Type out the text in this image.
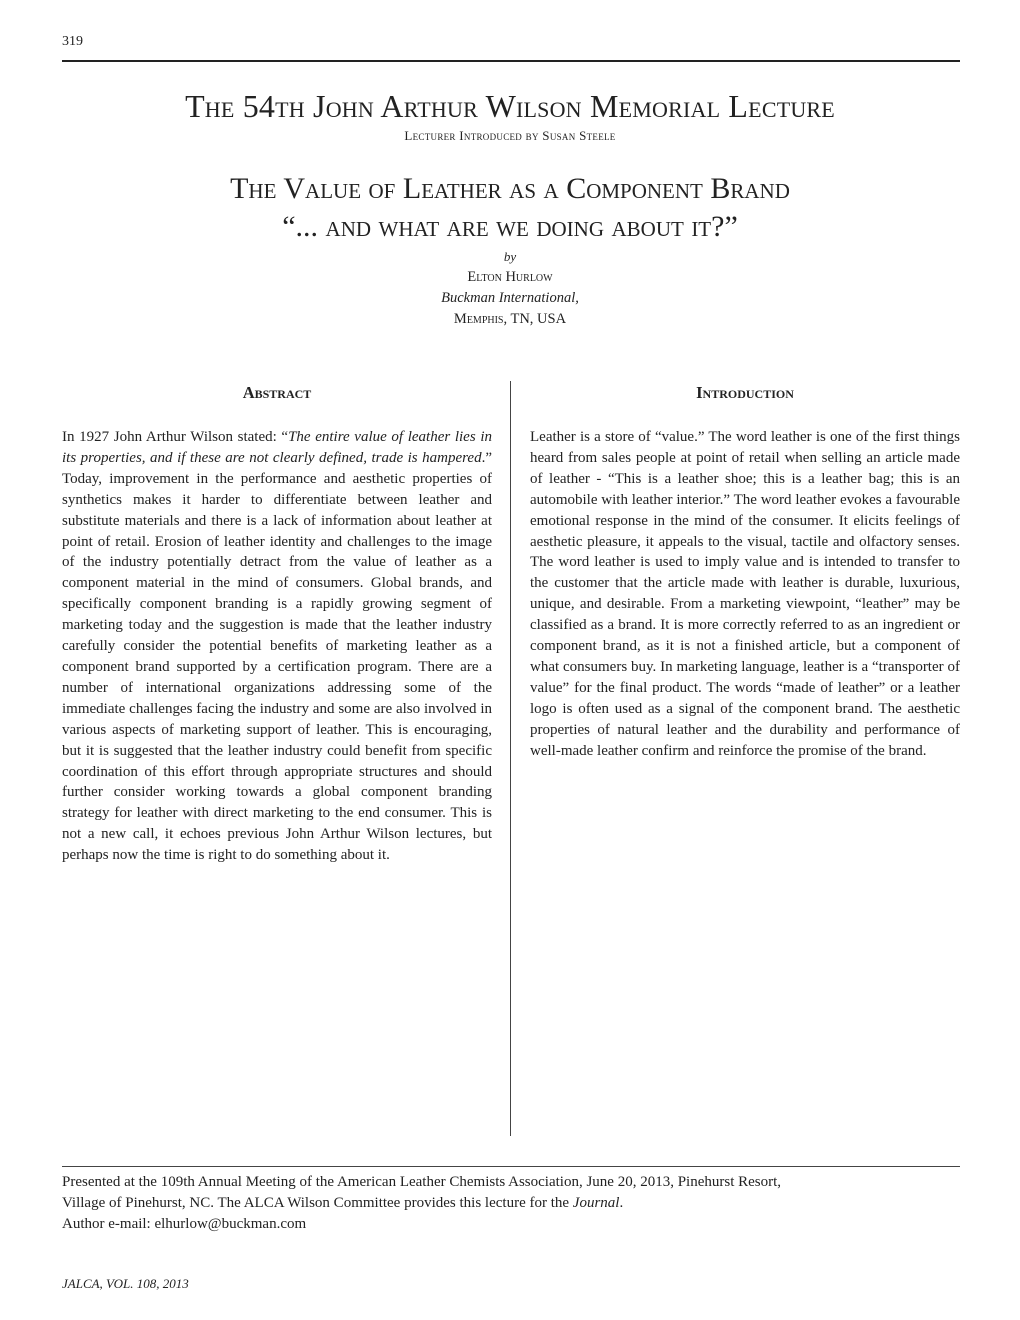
319
The 54th John Arthur Wilson Memorial Lecture
Lecturer Introduced by Susan Steele
The Value of Leather as a Component Brand
“... and what are we doing about it?”
by
Elton Hurlow
Buckman International,
Memphis, TN, USA
Abstract	Introduction
In 1927 John Arthur Wilson stated: “The entire value of leather lies in its properties, and if these are not clearly defined, trade is hampered.” Today, improvement in the performance and aesthetic properties of synthetics makes it harder to differentiate between leather and substitute materials and there is a lack of information about leather at point of retail. Erosion of leather identity and challenges to the image of the industry potentially detract from the value of leather as a component material in the mind of consumers. Global brands, and specifically component branding is a rapidly growing segment of marketing today and the suggestion is made that the leather industry carefully consider the potential benefits of marketing leather as a component brand supported by a certification program. There are a number of international organizations addressing some of the immediate challenges facing the industry and some are also involved in various aspects of marketing support of leather. This is encouraging, but it is suggested that the leather industry could benefit from specific coordination of this effort through appropriate structures and should further consider working towards a global component branding strategy for leather with direct marketing to the end consumer. This is not a new call, it echoes previous John Arthur Wilson lectures, but perhaps now the time is right to do something about it.
Leather is a store of “value.” The word leather is one of the first things heard from sales people at point of retail when selling an article made of leather - “This is a leather shoe; this is a leather bag; this is an automobile with leather interior.” The word leather evokes a favourable emotional response in the mind of the consumer. It elicits feelings of aesthetic pleasure, it appeals to the visual, tactile and olfactory senses. The word leather is used to imply value and is intended to transfer to the customer that the article made with leather is durable, luxurious, unique, and desirable. From a marketing viewpoint, “leather” may be classified as a brand. It is more correctly referred to as an ingredient or component brand, as it is not a finished article, but a component of what consumers buy. In marketing language, leather is a “transporter of value” for the final product. The words “made of leather” or a leather logo is often used as a signal of the component brand. The aesthetic properties of natural leather and the durability and performance of well-made leather confirm and reinforce the promise of the brand.
Presented at the 109th Annual Meeting of the American Leather Chemists Association, June 20, 2013, Pinehurst Resort,
Village of Pinehurst, NC. The ALCA Wilson Committee provides this lecture for the Journal.
Author e-mail: elhurlow@buckman.com
JALCA, VOL. 108, 2013
